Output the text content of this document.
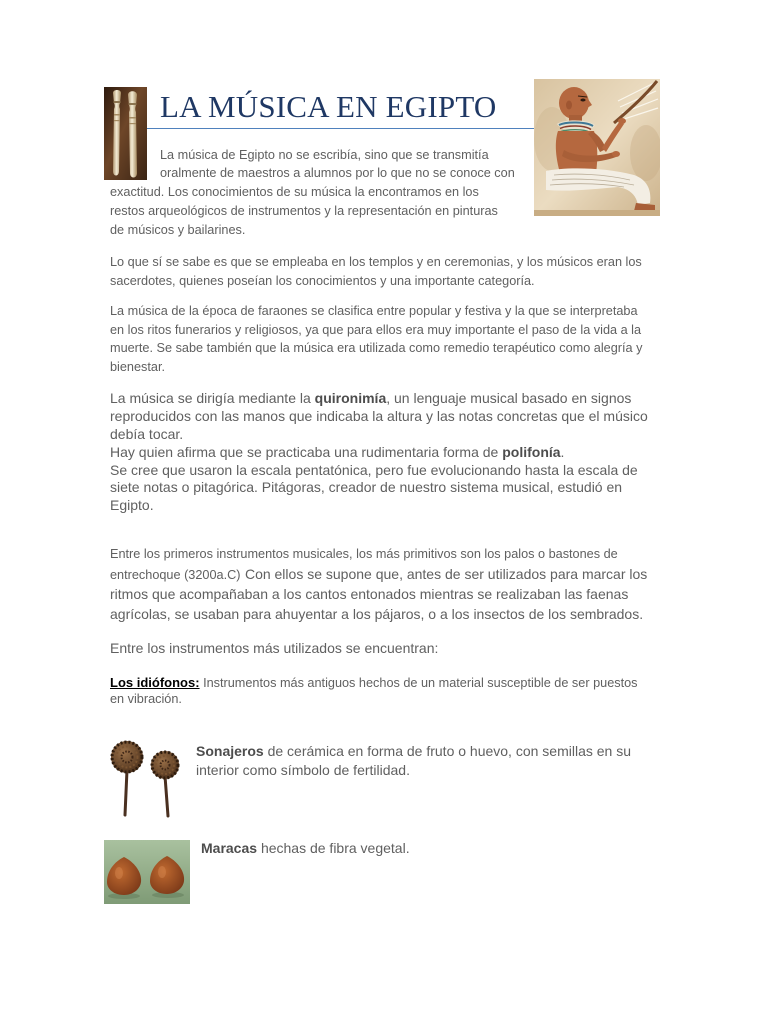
LA MÚSICA EN EGIPTO
La música de Egipto no se escribía, sino que se transmitía
oralmente de maestros a alumnos por lo que no se conoce con
exactitud. Los conocimientos de su música la encontramos en los
restos arqueológicos de instrumentos y la representación en pinturas
de músicos y bailarines.
Lo que sí se sabe es que se empleaba en los templos y en ceremonias, y los músicos eran los
sacerdotes, quienes poseían los conocimientos y una importante categoría.
La música de la época de faraones se clasifica entre popular y festiva y la que se interpretaba
en los ritos funerarios y religiosos, ya que para ellos era muy importante el paso de la vida a la
muerte. Se sabe también que la música era utilizada como remedio terapéutico como alegría y
bienestar.
La música se dirigía mediante la quironimía, un lenguaje musical basado en signos
reproducidos con las manos que indicaba la altura y las notas concretas que el músico
debía tocar.
Hay quien afirma que se practicaba una rudimentaria forma de polifonía.
Se cree que usaron la escala pentatónica, pero fue evolucionando hasta la escala de
siete notas o pitagórica. Pitágoras, creador de nuestro sistema musical, estudió en
Egipto.
Entre los primeros instrumentos musicales, los más primitivos son los palos o bastones de
entrechoque (3200a.C) Con ellos se supone que, antes de ser utilizados para marcar los
ritmos que acompañaban a los cantos entonados mientras se realizaban las faenas
agrícolas, se usaban para ahuyentar a los pájaros, o a los insectos de los sembrados.
Entre los instrumentos más utilizados se encuentran:
Los idiófonos: Instrumentos más antiguos hechos de un material susceptible de ser puestos
en vibración.
Sonajeros de cerámica en forma de fruto o huevo, con semillas en su
interior como símbolo de fertilidad.
Maracas hechas de fibra vegetal.
